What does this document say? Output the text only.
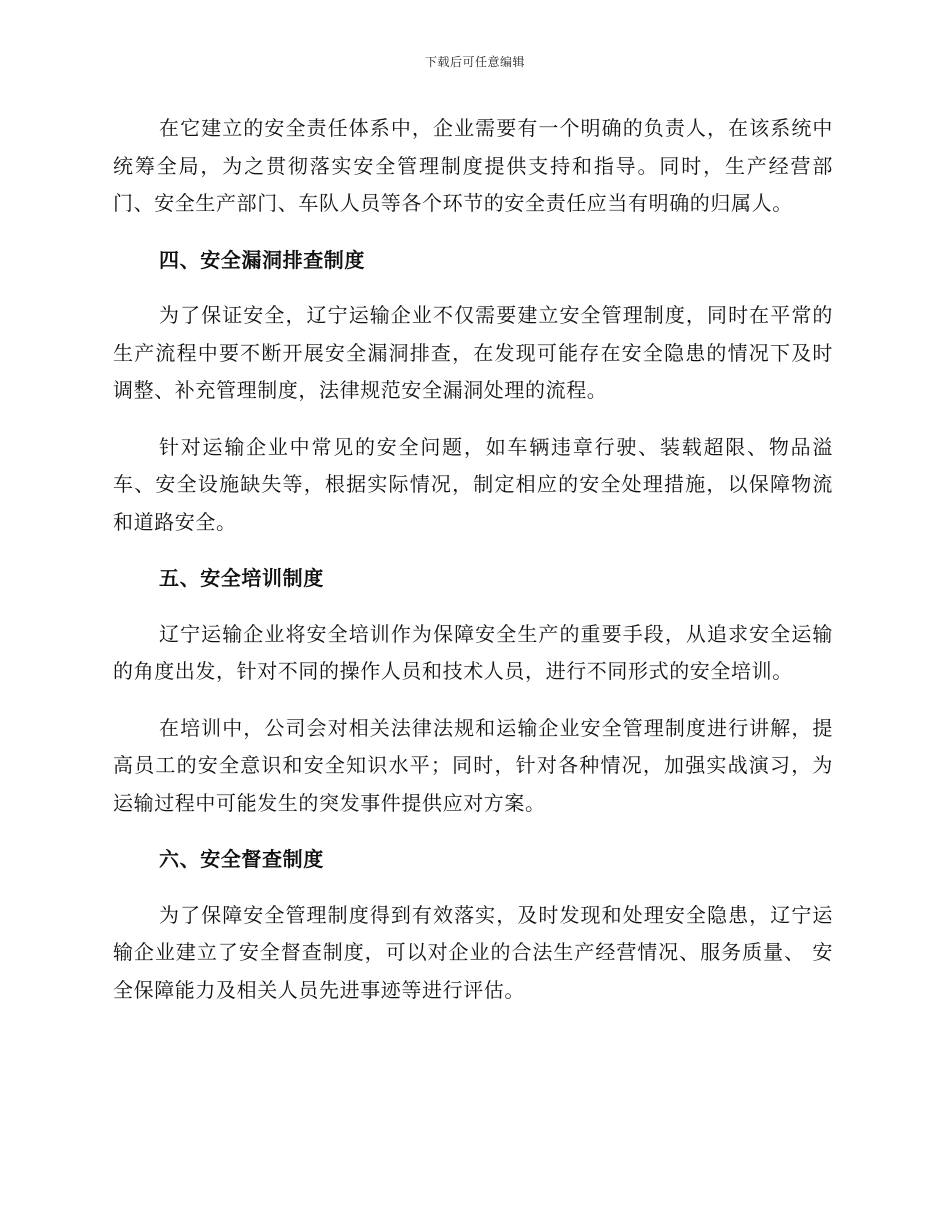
下载后可任意编辑

在它建立的安全责任体系中，企业需要有一个明确的负责人，在该系统中统筹全局，为之贯彻落实安全管理制度提供支持和指导。同时，生产经营部门、安全生产部门、车队人员等各个环节的安全责任应当有明确的归属人。

四、安全漏洞排查制度

为了保证安全，辽宁运输企业不仅需要建立安全管理制度，同时在平常的生产流程中要不断开展安全漏洞排查，在发现可能存在安全隐患的情况下及时调整、补充管理制度，法律规范安全漏洞处理的流程。

针对运输企业中常见的安全问题，如车辆违章行驶、装载超限、物品溢车、安全设施缺失等，根据实际情况，制定相应的安全处理措施，以保障物流和道路安全。

五、安全培训制度

辽宁运输企业将安全培训作为保障安全生产的重要手段，从追求安全运输的角度出发，针对不同的操作人员和技术人员，进行不同形式的安全培训。

在培训中，公司会对相关法律法规和运输企业安全管理制度进行讲解，提高员工的安全意识和安全知识水平；同时，针对各种情况，加强实战演习，为运输过程中可能发生的突发事件提供应对方案。

六、安全督查制度

为了保障安全管理制度得到有效落实，及时发现和处理安全隐患，辽宁运输企业建立了安全督查制度，可以对企业的合法生产经营情况、服务质量、 安全保障能力及相关人员先进事迹等进行评估。
